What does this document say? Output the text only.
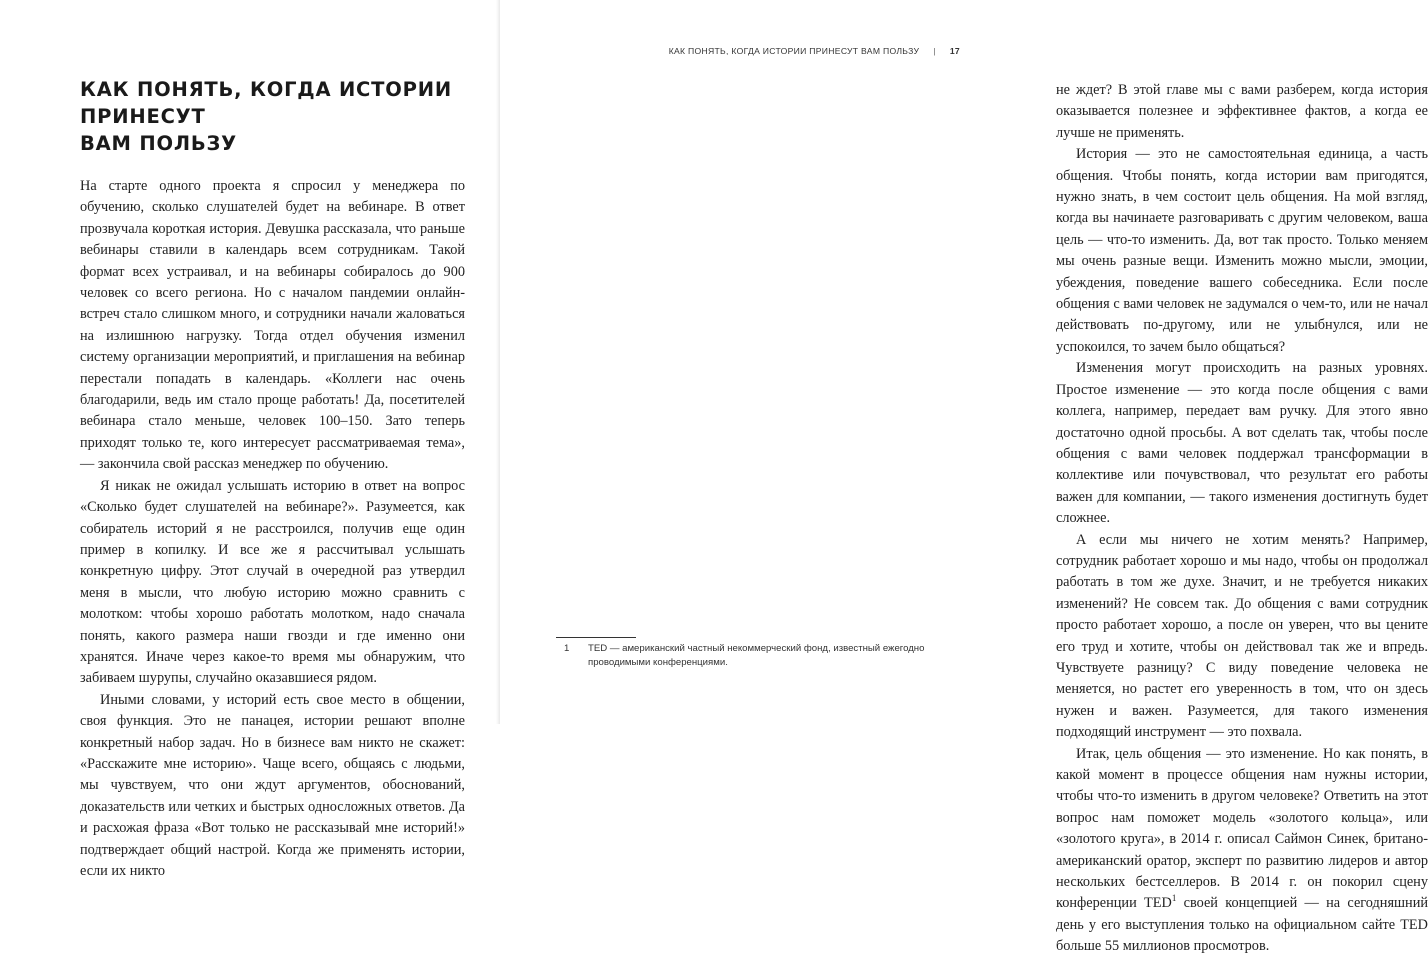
КАК ПОНЯТЬ, КОГДА ИСТОРИИ ПРИНЕСУТ
ВАМ ПОЛЬЗУ

На старте одного проекта я спросил у менеджера по обучению, сколько слушателей будет на вебинаре. В ответ прозвучала короткая история. Девушка рассказала, что раньше вебинары ставили в календарь всем сотрудникам. Такой формат всех устраивал, и на вебинары собиралось до 900 человек со всего региона. Но с началом пандемии онлайн-встреч стало слишком много, и сотрудники начали жаловаться на излишнюю нагрузку. Тогда отдел обучения изменил систему организации мероприятий, и приглашения на вебинар перестали попадать в календарь. «Коллеги нас очень благодарили, ведь им стало проще работать! Да, посетителей вебинара стало меньше, человек 100–150. Зато теперь приходят только те, кого интересует рассматриваемая тема», — закончила свой рассказ менеджер по обучению.

Я никак не ожидал услышать историю в ответ на вопрос «Сколько будет слушателей на вебинаре?». Разумеется, как собиратель историй я не расстроился, получив еще один пример в копилку. И все же я рассчитывал услышать конкретную цифру. Этот случай в очередной раз утвердил меня в мысли, что любую историю можно сравнить с молотком: чтобы хорошо работать молотком, надо сначала понять, какого размера наши гвозди и где именно они хранятся. Иначе через какое-то время мы обнаружим, что забиваем шурупы, случайно оказавшиеся рядом.

Иными словами, у историй есть свое место в общении, своя функция. Это не панацея, истории решают вполне конкретный набор задач. Но в бизнесе вам никто не скажет: «Расскажите мне историю». Чаще всего, общаясь с людьми, мы чувствуем, что они ждут аргументов, обоснований, доказательств или четких и быстрых односложных ответов. Да и расхожая фраза «Вот только не рассказывай мне историй!» подтверждает общий настрой. Когда же применять истории, если их никто

не ждет? В этой главе мы с вами разберем, когда история оказывается полезнее и эффективнее фактов, а когда ее лучше не применять.

История — это не самостоятельная единица, а часть общения. Чтобы понять, когда истории вам пригодятся, нужно знать, в чем состоит цель общения. На мой взгляд, когда вы начинаете разговаривать с другим человеком, ваша цель — что-то изменить. Да, вот так просто. Только меняем мы очень разные вещи. Изменить можно мысли, эмоции, убеждения, поведение вашего собеседника. Если после общения с вами человек не задумался о чем-то, или не начал действовать по-другому, или не улыбнулся, или не успокоился, то зачем было общаться?

Изменения могут происходить на разных уровнях. Простое изменение — это когда после общения с вами коллега, например, передает вам ручку. Для этого явно достаточно одной просьбы. А вот сделать так, чтобы после общения с вами человек поддержал трансформации в коллективе или почувствовал, что результат его работы важен для компании, — такого изменения достигнуть будет сложнее.

А если мы ничего не хотим менять? Например, сотрудник работает хорошо и мы надо, чтобы он продолжал работать в том же духе. Значит, и не требуется никаких изменений? Не совсем так. До общения с вами сотрудник просто работает хорошо, а после он уверен, что вы цените его труд и хотите, чтобы он действовал так же и впредь. Чувствуете разницу? С виду поведение человека не меняется, но растет его уверенность в том, что он здесь нужен и важен. Разумеется, для такого изменения подходящий инструмент — это похвала.

Итак, цель общения — это изменение. Но как понять, в какой момент в процессе общения нам нужны истории, чтобы что-то изменить в другом человеке? Ответить на этот вопрос нам поможет модель «золотого кольца», или «золотого круга», в 2014 г. описал Саймон Синек, британо-американский оратор, эксперт по развитию лидеров и автор нескольких бестселлеров. В 2014 г. он покорил сцену конференции TED$^1$ своей концепцией — на сегодняшний день у его выступления только на официальном сайте TED больше 55 миллионов просмотров.

КАК ПОНЯТЬ, КОГДА ИСТОРИИ ПРИНЕСУТ ВАМ ПОЛЬЗУ | 17
1 TED — американский частный некоммерческий фонд, известный ежегодно проводимыми конференциями.
